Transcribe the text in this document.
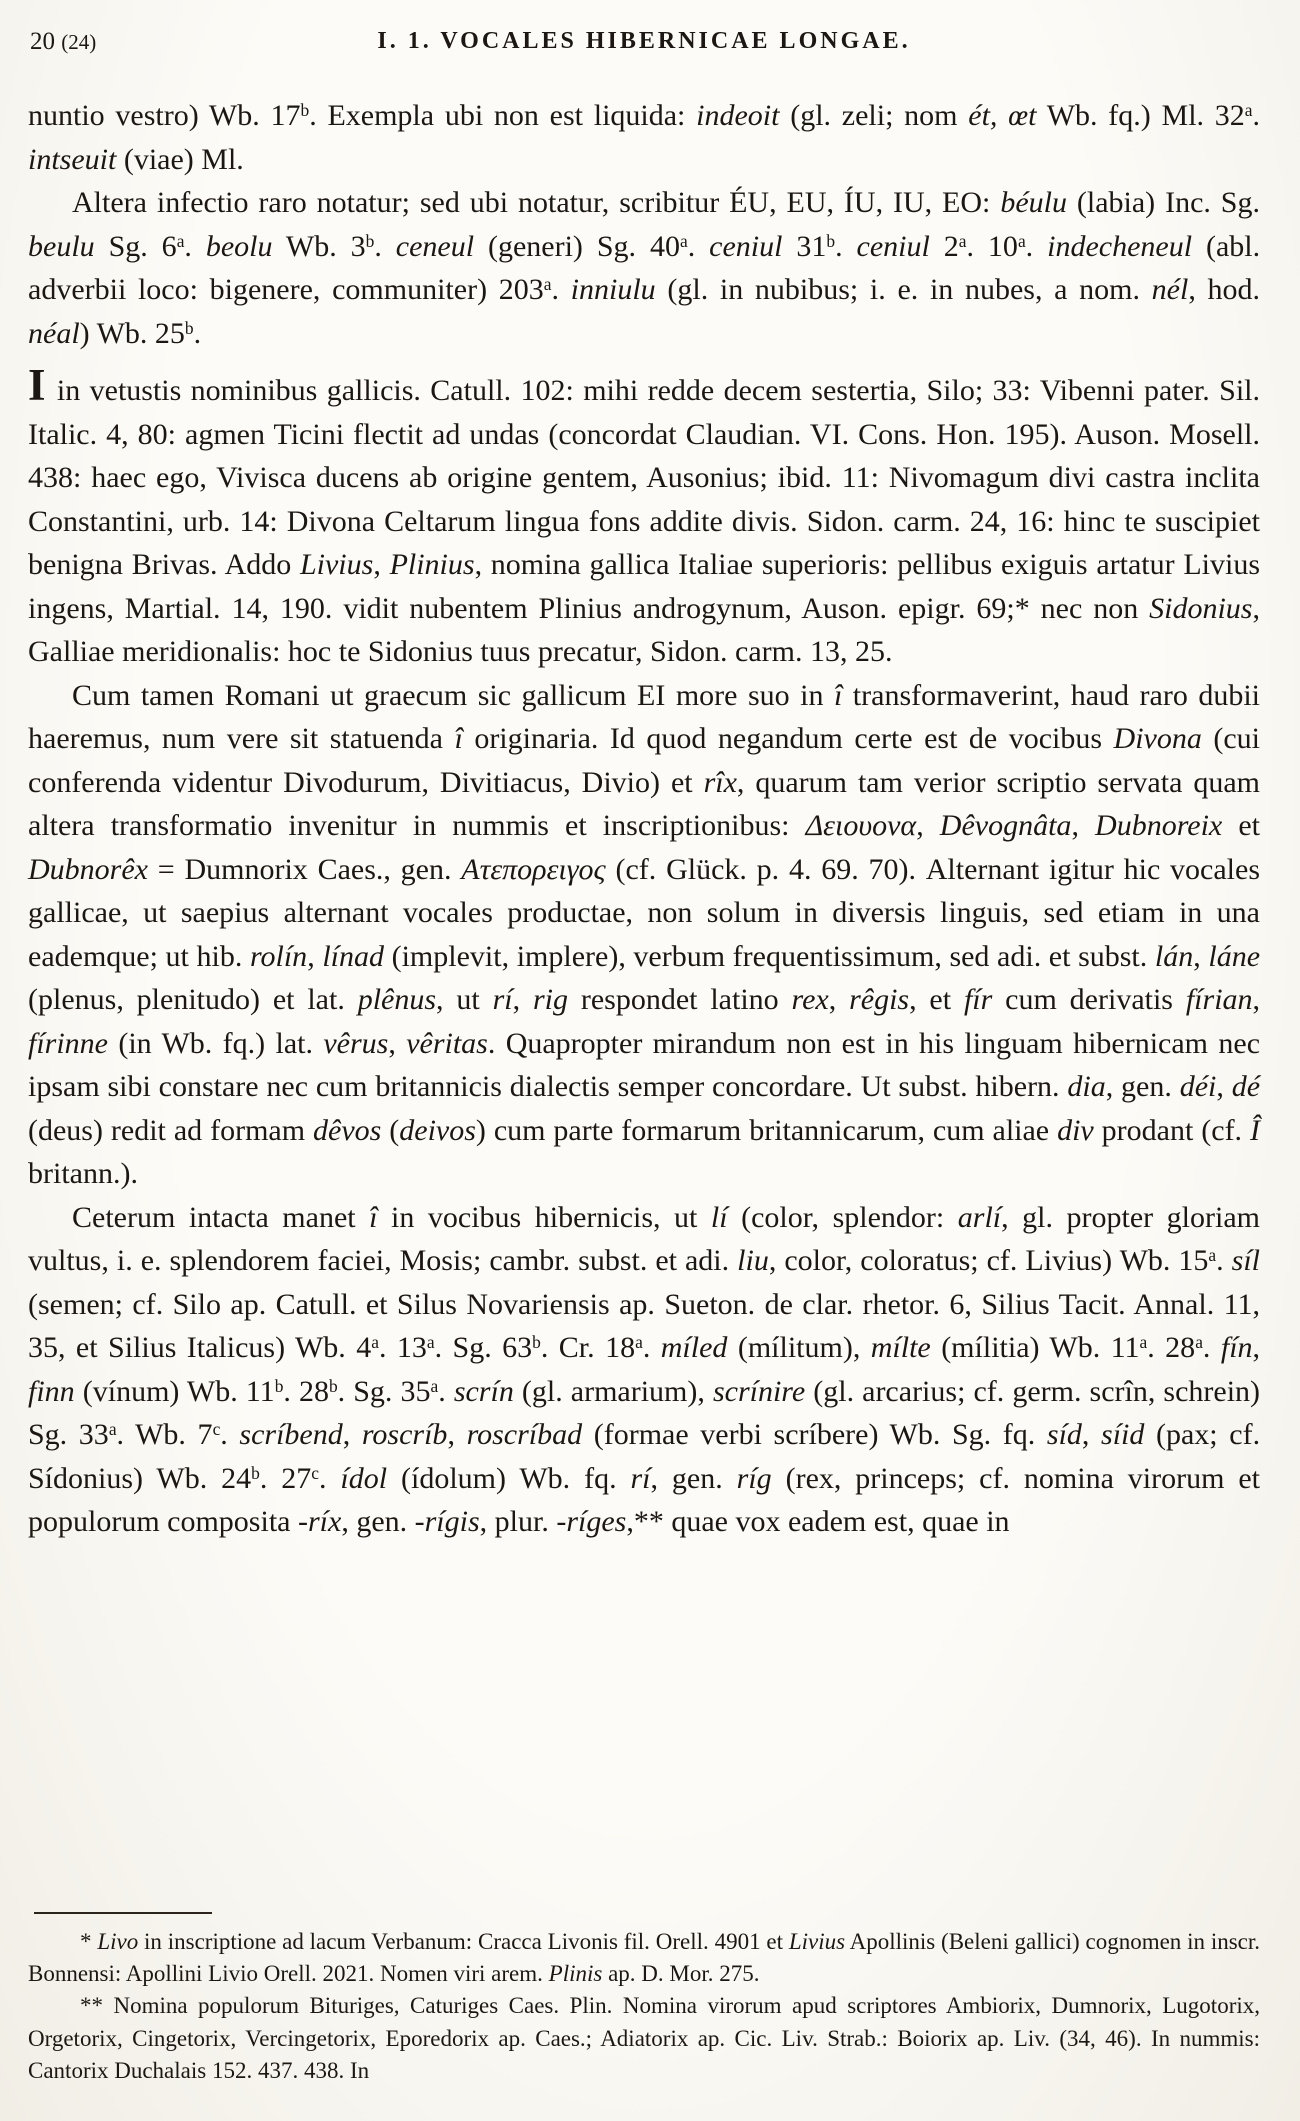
20 (24)	I. 1. VOCALES HIBERNICAE LONGAE.

nuntio vestro) Wb. 17$^b$. Exempla ubi non est liquida: indeoit (gl. zeli; nom ét, œt Wb. fq.) Ml. 32$^a$. intseuit (viae) Ml.

Altera infectio raro notatur; sed ubi notatur, scribitur ÉU, EU, ÍU, IU, EO: béulu (labia) Inc. Sg. beulu Sg. 6$^a$. beolu Wb. 3$^b$. ceneul (generi) Sg. 40$^a$. ceniul 31$^b$. ceniul 2$^a$. 10$^a$. indecheneul (abl. adverbii loco: bigenere, communiter) 203$^a$. inniulu (gl. in nubibus; i. e. in nubes, a nom. nél, hod. néal) Wb. 25$^b$.

I in vetustis nominibus gallicis. Catull. 102: mihi redde decem sestertia, Silo; 33: Vibenni pater. Sil. Italic. 4, 80: agmen Ticini flectit ad undas (concordat Claudian. VI. Cons. Hon. 195). Auson. Mosell. 438: haec ego, Vivisca ducens ab origine gentem, Ausonius; ibid. 11: Nivomagum divi castra inclita Constantini, urb. 14: Divona Celtarum lingua fons addite divis. Sidon. carm. 24, 16: hinc te suscipiet benigna Brivas. Addo Livius, Plinius, nomina gallica Italiae superioris: pellibus exiguis artatur Livius ingens, Martial. 14, 190. vidit nubentem Plinius androgynum, Auson. epigr. 69;* nec non Sidonius, Galliae meridionalis: hoc te Sidonius tuus precatur, Sidon. carm. 13, 25.

Cum tamen Romani ut graecum sic gallicum EI more suo in î transformaverint, haud raro dubii haeremus, num vere sit statuenda î originaria. Id quod negandum certe est de vocibus Divona (cui conferenda videntur Divodurum, Divitiacus, Divio) et rîx, quarum tam verior scriptio servata quam altera transformatio invenitur in nummis et inscriptionibus: Δειουονα, Dêvognâta, Dubnoreix et Dubnorêx = Dumnorix Caes., gen. Ατεπορειγος (cf. Glück. p. 4. 69. 70). Alternant igitur hic vocales gallicae, ut saepius alternant vocales productae, non solum in diversis linguis, sed etiam in una eademque; ut hib. rolín, línad (implevit, implere), verbum frequentissimum, sed adi. et subst. lán, láne (plenus, plenitudo) et lat. plênus, ut rí, rig respondet latino rex, rêgis, et fír cum derivatis fírian, fírinne (in Wb. fq.) lat. vêrus, vêritas. Quapropter mirandum non est in his linguam hibernicam nec ipsam sibi constare nec cum britannicis dialectis semper concordare. Ut subst. hibern. dia, gen. déi, dé (deus) redit ad formam dêvos (deivos) cum parte formarum britannicarum, cum aliae div prodant (cf. Î britann.).

Ceterum intacta manet î in vocibus hibernicis, ut lí (color, splendor: arlí, gl. propter gloriam vultus, i. e. splendorem faciei, Mosis; cambr. subst. et adi. liu, color, coloratus; cf. Livius) Wb. 15$^a$. síl (semen; cf. Silo ap. Catull. et Silus Novariensis ap. Sueton. de clar. rhetor. 6, Silius Tacit. Annal. 11, 35, et Silius Italicus) Wb. 4$^a$. 13$^a$. Sg. 63$^b$. Cr. 18$^a$. míled (mílitum), mílte (mílitia) Wb. 11$^a$. 28$^a$. fín, finn (vínum) Wb. 11$^b$. 28$^b$. Sg. 35$^a$. scrín (gl. armarium), scrínire (gl. arcarius; cf. germ. scrîn, schrein) Sg. 33$^a$. Wb. 7$^c$. scríbend, roscríb, roscríbad (formae verbi scríbere) Wb. Sg. fq. síd, síid (pax; cf. Sídonius) Wb. 24$^b$. 27$^c$. ídol (ídolum) Wb. fq. rí, gen. ríg (rex, princeps; cf. nomina virorum et populorum composita -ríx, gen. -rígis, plur. -ríges,** quae vox eadem est, quae in

* Livo in inscriptione ad lacum Verbanum: Cracca Livonis fil. Orell. 4901 et Livius Apollinis (Beleni gallici) cognomen in inscr. Bonnensi: Apollini Livio Orell. 2021. Nomen viri arem. Plinis ap. D. Mor. 275.

** Nomina populorum Bituriges, Caturiges Caes. Plin. Nomina virorum apud scriptores Ambiorix, Dumnorix, Lugotorix, Orgetorix, Cingetorix, Vercingetorix, Eporedorix ap. Caes.; Adiatorix ap. Cic. Liv. Strab.: Boiorix ap. Liv. (34, 46). In nummis: Cantorix Duchalais 152. 437. 438. In
